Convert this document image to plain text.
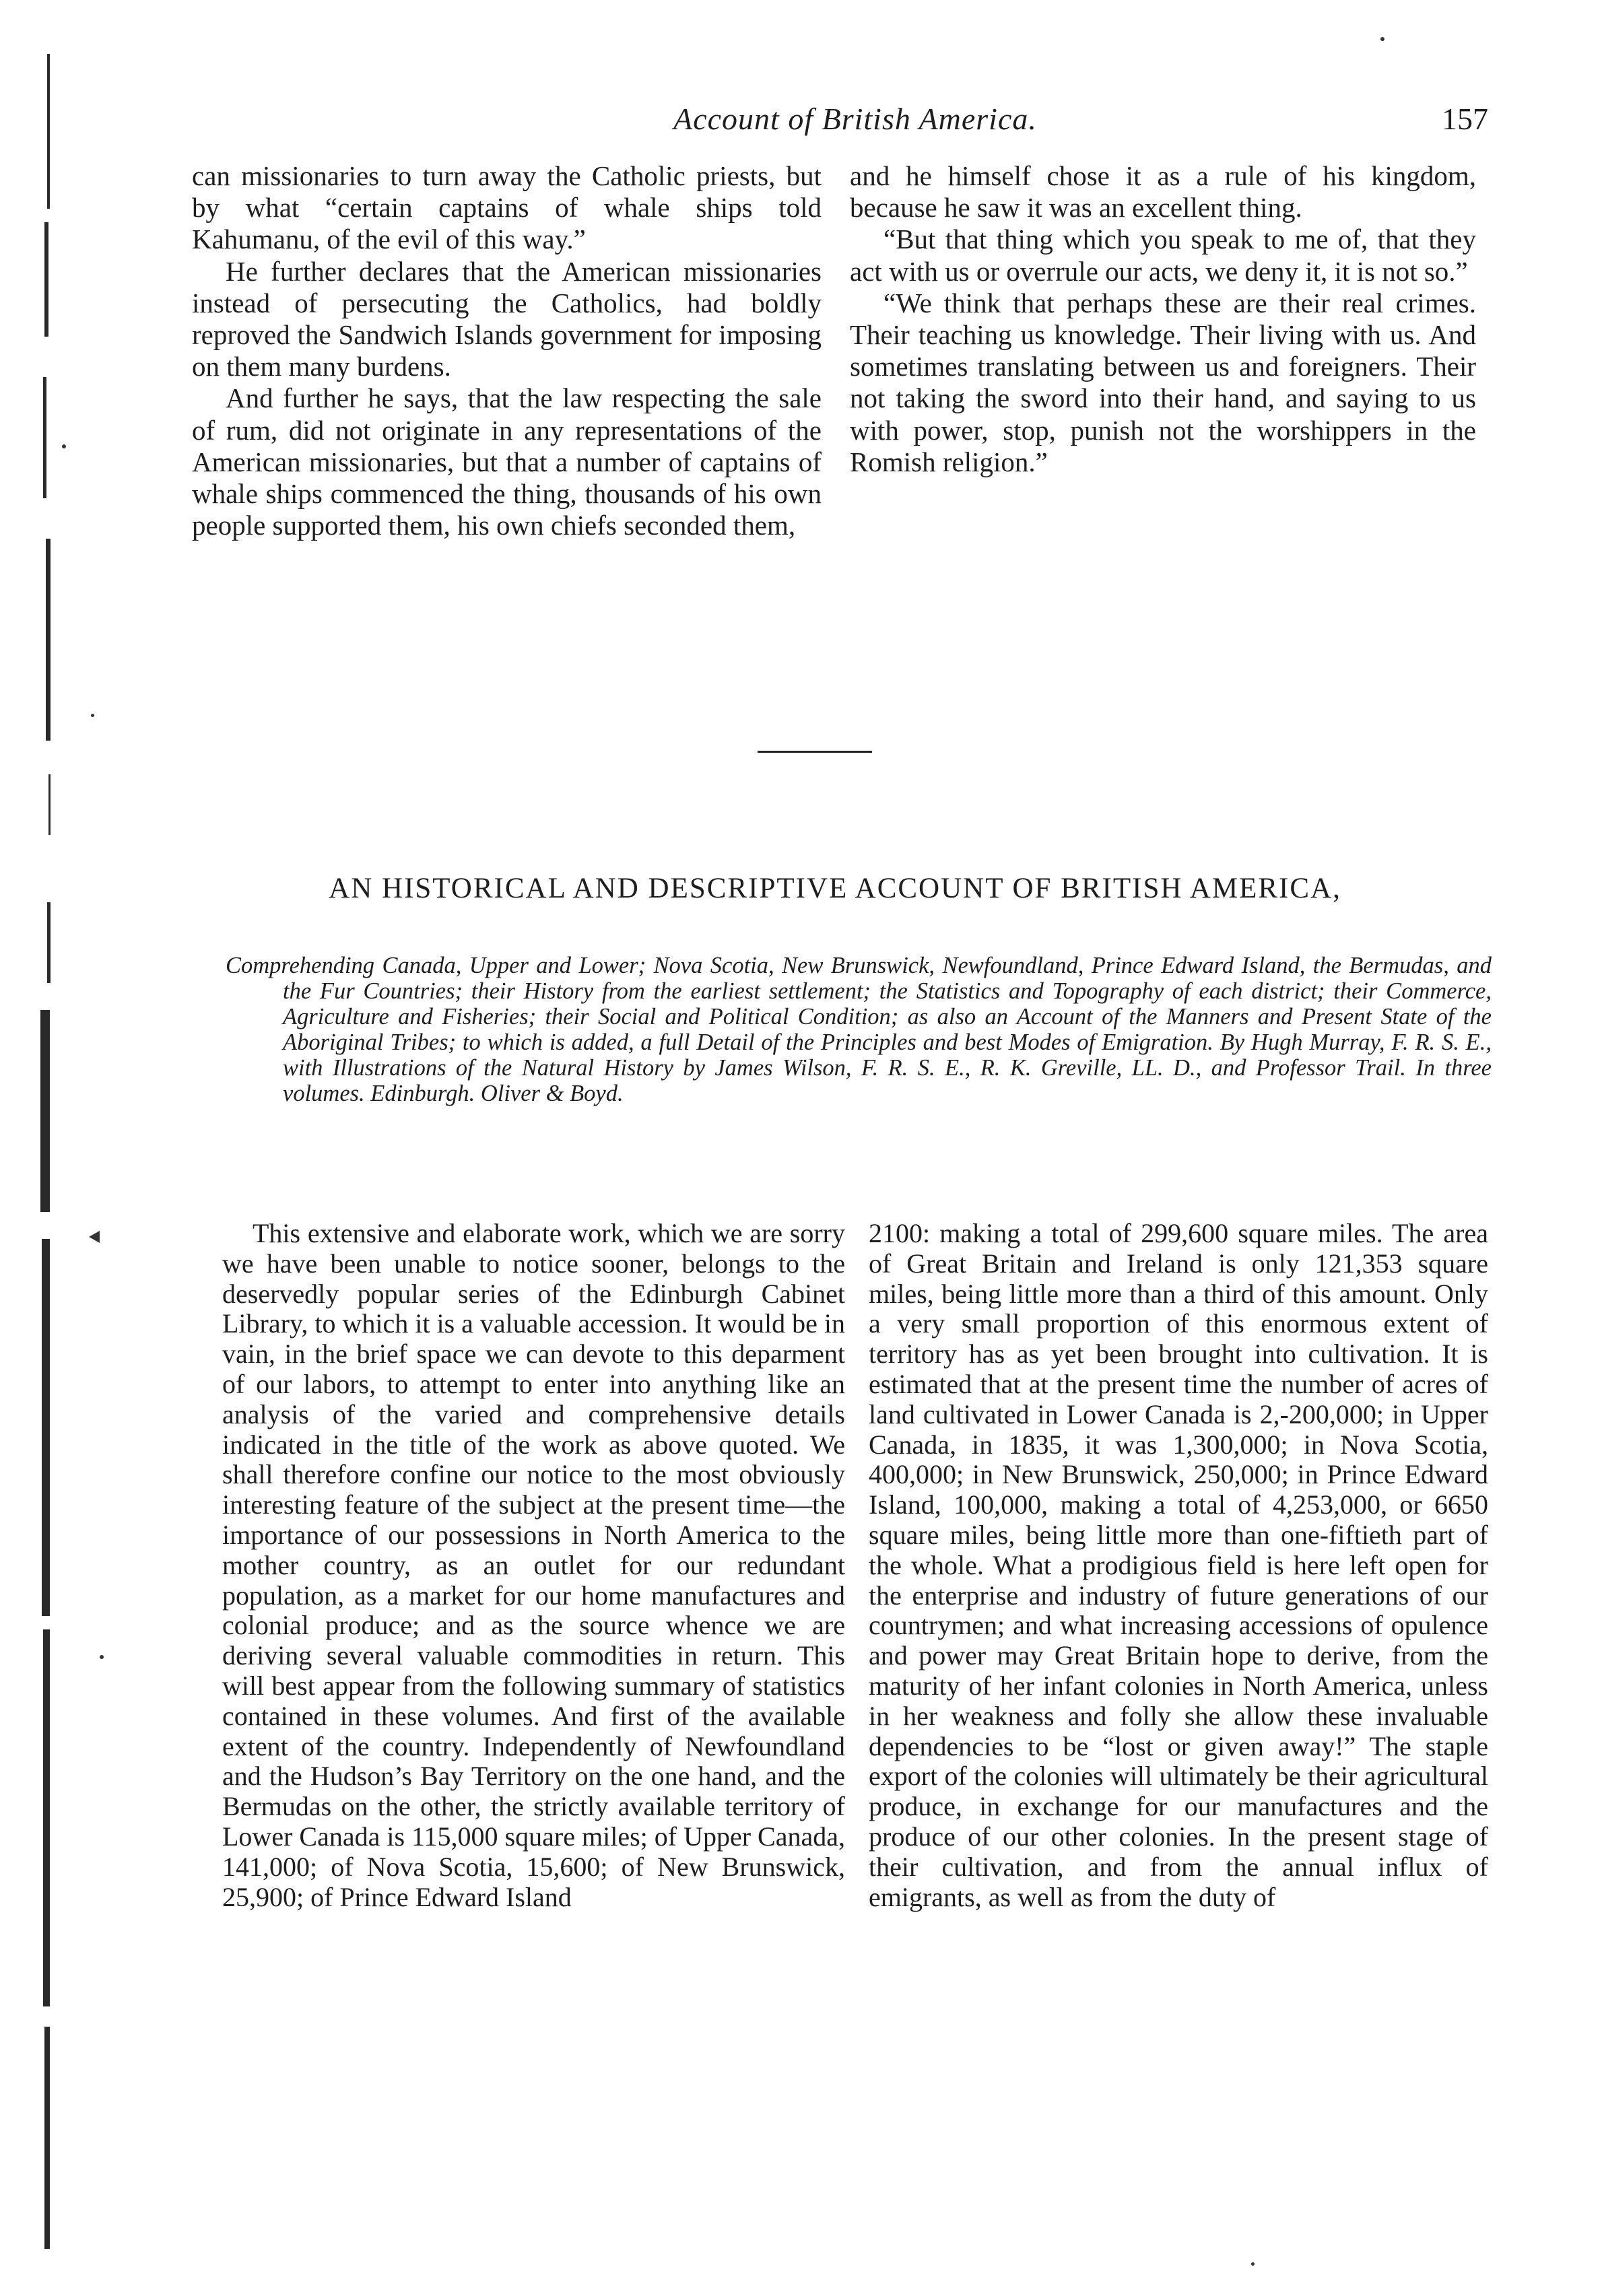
Account of British America.	157

can missionaries to turn away the Catholic priests, but by what “certain captains of whale ships told Kahumanu, of the evil of this way.”

He further declares that the American missionaries instead of persecuting the Catholics, had boldly reproved the Sandwich Islands government for imposing on them many burdens.

And further he says, that the law respecting the sale of rum, did not originate in any representations of the American missionaries, but that a number of captains of whale ships commenced the thing, thousands of his own people supported them, his own chiefs seconded them,

and he himself chose it as a rule of his kingdom, because he saw it was an excellent thing.

“But that thing which you speak to me of, that they act with us or overrule our acts, we deny it, it is not so.”

“We think that perhaps these are their real crimes. Their teaching us knowledge. Their living with us. And sometimes translating between us and foreigners. Their not taking the sword into their hand, and saying to us with power, stop, punish not the worshippers in the Romish religion.”

AN HISTORICAL AND DESCRIPTIVE ACCOUNT OF BRITISH AMERICA,
Comprehending Canada, Upper and Lower; Nova Scotia, New Brunswick, Newfoundland, Prince Edward Island, the Bermudas, and the Fur Countries; their History from the earliest settlement; the Statistics and Topography of each district; their Commerce, Agriculture and Fisheries; their Social and Political Condition; as also an Account of the Manners and Present State of the Aboriginal Tribes; to which is added, a full Detail of the Principles and best Modes of Emigration. By Hugh Murray, F. R. S. E., with Illustrations of the Natural History by James Wilson, F. R. S. E., R. K. Greville, LL. D., and Professor Trail. In three volumes. Edinburgh. Oliver & Boyd.

This extensive and elaborate work, which we are sorry we have been unable to notice sooner, belongs to the deservedly popular series of the Edinburgh Cabinet Library, to which it is a valuable accession. It would be in vain, in the brief space we can devote to this deparment of our labors, to attempt to enter into anything like an analysis of the varied and comprehensive details indicated in the title of the work as above quoted. We shall therefore confine our notice to the most obviously interesting feature of the subject at the present time—the importance of our possessions in North America to the mother country, as an outlet for our redundant population, as a market for our home manufactures and colonial produce; and as the source whence we are deriving several valuable commodities in return. This will best appear from the following summary of statistics contained in these volumes. And first of the available extent of the country. Independently of Newfoundland and the Hudson’s Bay Territory on the one hand, and the Bermudas on the other, the strictly available territory of Lower Canada is 115,000 square miles; of Upper Canada, 141,000; of Nova Scotia, 15,600; of New Brunswick, 25,900; of Prince Edward Island

2100: making a total of 299,600 square miles. The area of Great Britain and Ireland is only 121,353 square miles, being little more than a third of this amount. Only a very small proportion of this enormous extent of territory has as yet been brought into cultivation. It is estimated that at the present time the number of acres of land cultivated in Lower Canada is 2,-200,000; in Upper Canada, in 1835, it was 1,300,000; in Nova Scotia, 400,000; in New Brunswick, 250,000; in Prince Edward Island, 100,000, making a total of 4,253,000, or 6650 square miles, being little more than one-fiftieth part of the whole. What a prodigious field is here left open for the enterprise and industry of future generations of our countrymen; and what increasing accessions of opulence and power may Great Britain hope to derive, from the maturity of her infant colonies in North America, unless in her weakness and folly she allow these invaluable dependencies to be “lost or given away!” The staple export of the colonies will ultimately be their agricultural produce, in exchange for our manufactures and the produce of our other colonies. In the present stage of their cultivation, and from the annual influx of emigrants, as well as from the duty of
